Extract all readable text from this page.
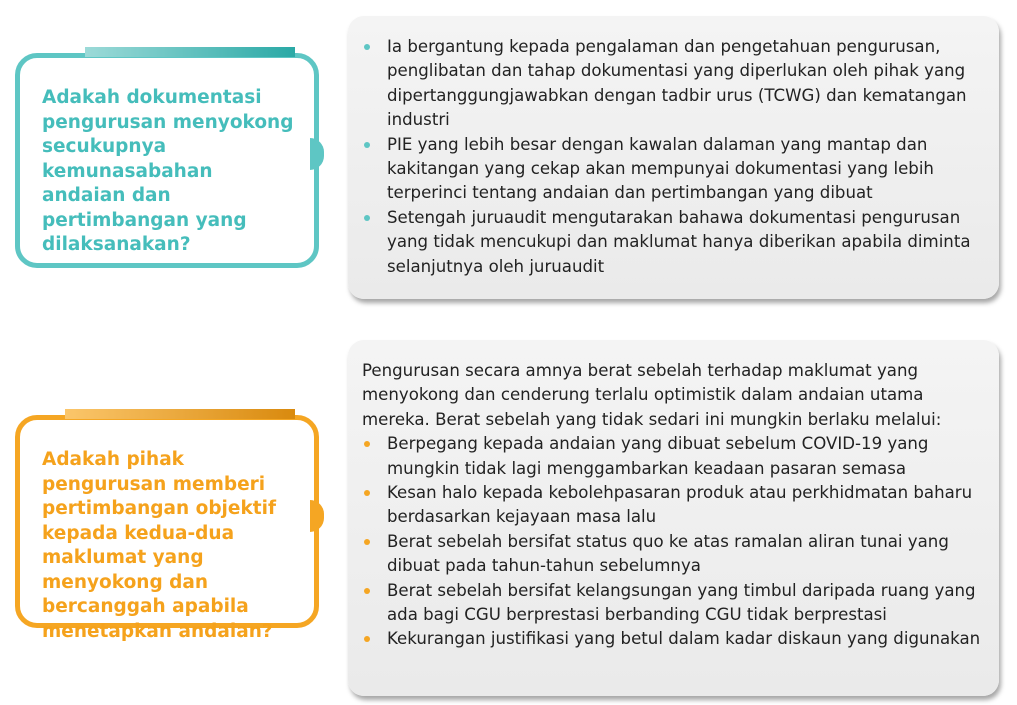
Adakah dokumentasi pengurusan menyokong secukupnya kemunasabahan andaian dan pertimbangan yang dilaksanakan?
Ia bergantung kepada pengalaman dan pengetahuan pengurusan, penglibatan dan tahap dokumentasi yang diperlukan oleh pihak yang dipertanggungjawabkan dengan tadbir urus (TCWG) dan kematangan industri
PIE yang lebih besar dengan kawalan dalaman yang mantap dan kakitangan yang cekap akan mempunyai dokumentasi yang lebih terperinci tentang andaian dan pertimbangan yang dibuat
Setengah juruaudit mengutarakan bahawa dokumentasi pengurusan yang tidak mencukupi dan maklumat hanya diberikan apabila diminta selanjutnya oleh juruaudit
Adakah pihak pengurusan memberi pertimbangan objektif kepada kedua-dua maklumat yang menyokong dan bercanggah apabila menetapkan andaian?

Pengurusan secara amnya berat sebelah terhadap maklumat yang menyokong dan cenderung terlalu optimistik dalam andaian utama mereka. Berat sebelah yang tidak sedari ini mungkin berlaku melalui:

Berpegang kepada andaian yang dibuat sebelum COVID-19 yang mungkin tidak lagi menggambarkan keadaan pasaran semasa
Kesan halo kepada kebolehpasaran produk atau perkhidmatan baharu berdasarkan kejayaan masa lalu
Berat sebelah bersifat status quo ke atas ramalan aliran tunai yang dibuat pada tahun-tahun sebelumnya
Berat sebelah bersifat kelangsungan yang timbul daripada ruang yang ada bagi CGU berprestasi berbanding CGU tidak berprestasi
Kekurangan justifikasi yang betul dalam kadar diskaun yang digunakan
